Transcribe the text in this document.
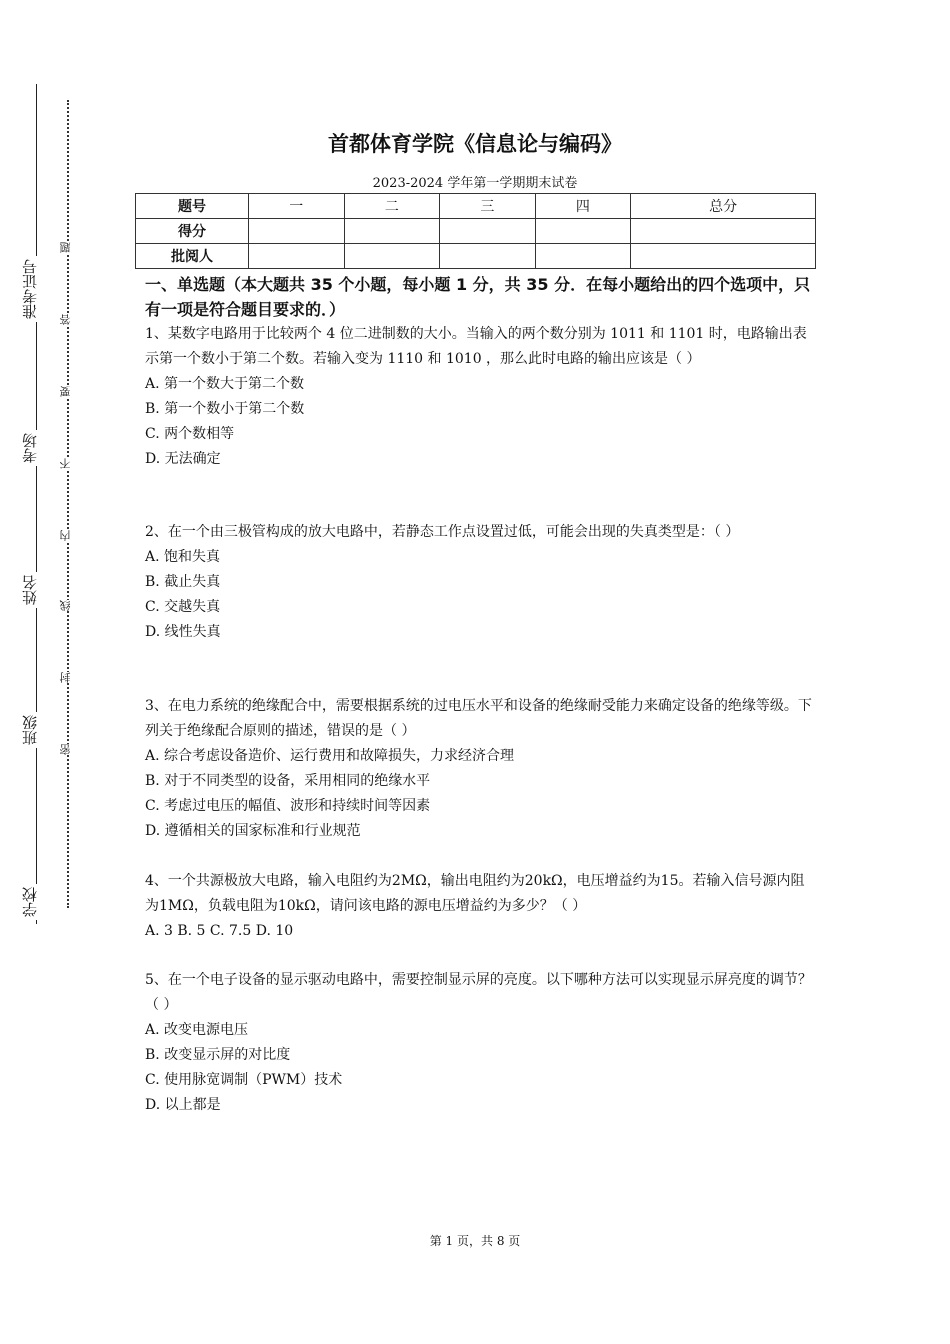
准考证号
考场
姓名
班级
学校
题
答
要
不
内
线
封
密
首都体育学院《信息论与编码》
2023-2024 学年第一学期期末试卷
题号	一	二	三	四	总分
得分					
批阅人					
一、单选题（本大题共 35 个小题，每小题 1 分，共 35 分．在每小题给出的四个选项中，只有一项是符合题目要求的．）

1、某数字电路用于比较两个 4 位二进制数的大小。当输入的两个数分别为 1011 和 1101 时，电路输出表示第一个数小于第二个数。若输入变为 1110 和 1010 ，那么此时电路的输出应该是（ ）

A. 第一个数大于第二个数

B. 第一个数小于第二个数

C. 两个数相等

D. 无法确定

2、在一个由三极管构成的放大电路中，若静态工作点设置过低，可能会出现的失真类型是：（ ）

A. 饱和失真

B. 截止失真

C. 交越失真

D. 线性失真

3、在电力系统的绝缘配合中，需要根据系统的过电压水平和设备的绝缘耐受能力来确定设备的绝缘等级。下列关于绝缘配合原则的描述，错误的是（ ）

A. 综合考虑设备造价、运行费用和故障损失，力求经济合理

B. 对于不同类型的设备，采用相同的绝缘水平

C. 考虑过电压的幅值、波形和持续时间等因素

D. 遵循相关的国家标准和行业规范

4、一个共源极放大电路，输入电阻约为2MΩ，输出电阻约为20kΩ，电压增益约为15。若输入信号源内阻为1MΩ，负载电阻为10kΩ，请问该电路的源电压增益约为多少？（ ）

A. 3 B. 5 C. 7.5 D. 10

5、在一个电子设备的显示驱动电路中，需要控制显示屏的亮度。以下哪种方法可以实现显示屏亮度的调节？（ ）

A. 改变电源电压

B. 改变显示屏的对比度

C. 使用脉宽调制（PWM）技术

D. 以上都是

第 1 页，共 8 页
